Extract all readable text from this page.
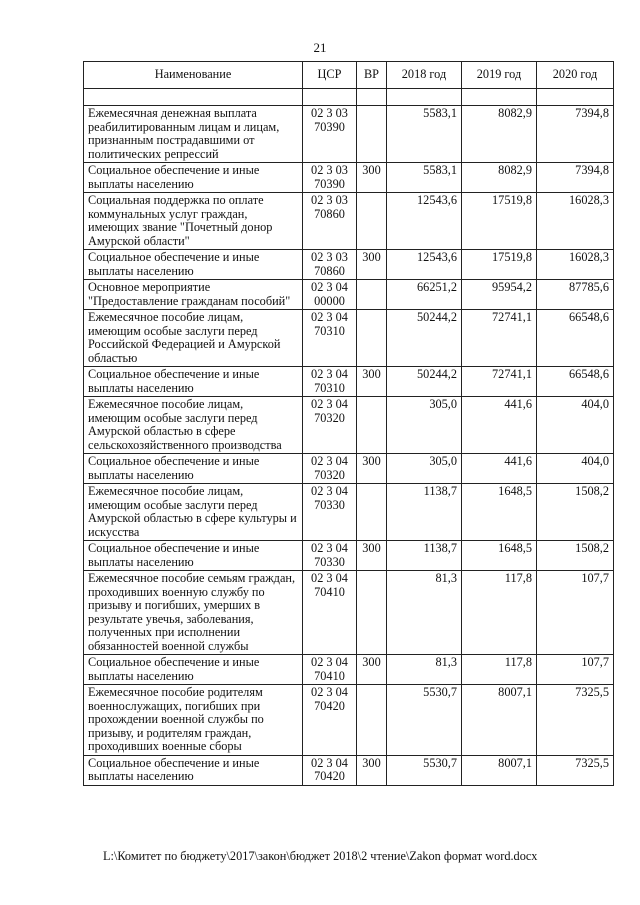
21
Наименование	ЦСР	ВР	2018 год	2019 год	2020 год

Ежемесячная денежная выплата реабилитированным лицам и лицам, признанным пострадавшими от политических репрессий	02 3 03 70390		5583,1	8082,9	7394,8
Социальное обеспечение и иные выплаты населению	02 3 03 70390	300	5583,1	8082,9	7394,8
Социальная поддержка по оплате коммунальных услуг граждан, имеющих звание "Почетный донор Амурской области"	02 3 03 70860		12543,6	17519,8	16028,3
Социальное обеспечение и иные выплаты населению	02 3 03 70860	300	12543,6	17519,8	16028,3
Основное мероприятие "Предоставление гражданам пособий"	02 3 04 00000		66251,2	95954,2	87785,6
Ежемесячное пособие лицам, имеющим особые заслуги перед Российской Федерацией и Амурской областью	02 3 04 70310		50244,2	72741,1	66548,6
Социальное обеспечение и иные выплаты населению	02 3 04 70310	300	50244,2	72741,1	66548,6
Ежемесячное пособие лицам, имеющим особые заслуги перед Амурской областью в сфере сельскохозяйственного производства	02 3 04 70320		305,0	441,6	404,0
Социальное обеспечение и иные выплаты населению	02 3 04 70320	300	305,0	441,6	404,0
Ежемесячное пособие лицам, имеющим особые заслуги перед Амурской областью в сфере культуры и искусства	02 3 04 70330		1138,7	1648,5	1508,2
Социальное обеспечение и иные выплаты населению	02 3 04 70330	300	1138,7	1648,5	1508,2
Ежемесячное пособие семьям граждан, проходивших военную службу по призыву и погибших, умерших в результате увечья, заболевания, полученных при исполнении обязанностей военной службы	02 3 04 70410		81,3	117,8	107,7
Социальное обеспечение и иные выплаты населению	02 3 04 70410	300	81,3	117,8	107,7
Ежемесячное пособие родителям военнослужащих, погибших при прохождении военной службы по призыву, и родителям граждан, проходивших военные сборы	02 3 04 70420		5530,7	8007,1	7325,5
Социальное обеспечение и иные выплаты населению	02 3 04 70420	300	5530,7	8007,1	7325,5
L:\Комитет по бюджету\2017\закон\бюджет 2018\2 чтение\Zakon формат word.docx
